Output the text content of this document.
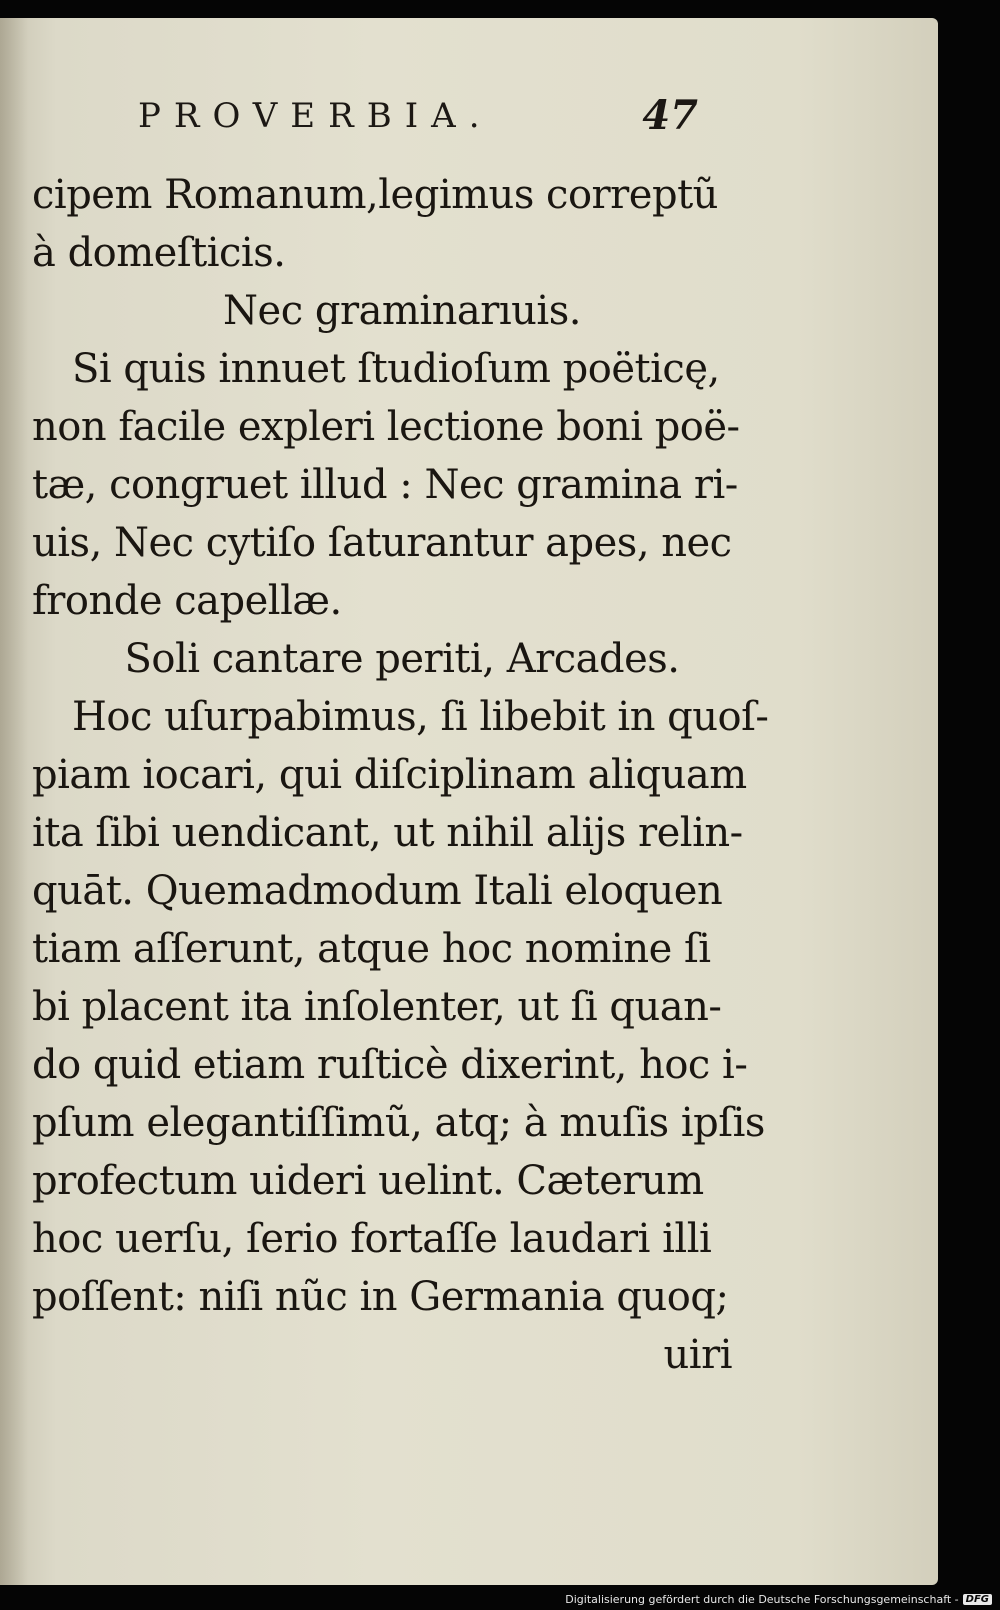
PROVERBIA.	47
cipem Romanum,legimus correptũ
à domeſticis.
Nec graminarıuis.
Si quis innuet ſtudioſum poëticę,
non facile expleri lectione boni poë-
tæ, congruet illud : Nec gramina ri-
uis, Nec cytiſo ſaturantur apes, nec
fronde capellæ.
Soli cantare periti, Arcades.
Hoc uſurpabimus, ſi libebit in quoſ-
piam iocari, qui diſciplinam aliquam
ita ſibi uendicant, ut nihil alijs relin-
quāt. Quemadmodum Itali eloquen
tiam aſſerunt, atque hoc nomine ſi
bi placent ita inſolenter, ut ſi quan-
do quid etiam ruſticè dixerint, hoc i-
pſum elegantiſſimũ, atq; à muſis ipſis
profectum uideri uelint. Cæterum
hoc uerſu, ſerio fortaſſe laudari illi
poſſent: niſi nũc in Germania quoq;
uiri
Digitalisierung gefördert durch die Deutsche Forschungsgemeinschaft - DFG
